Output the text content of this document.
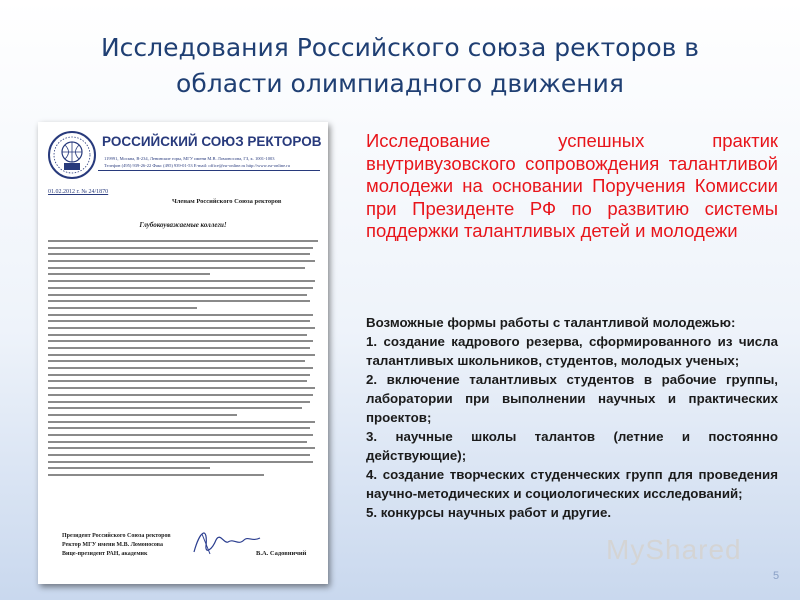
Исследования Российского союза ректоров в области олимпиадного движения
РОССИЙСКИЙ СОЮЗ РЕКТОРОВ
119991, Москва, В-234, Ленинские горы, МГУ имени М.В. Ломоносова, ГЗ, к. 1001-1003
Телефон (495) 939-26-22 Факс (495) 939-01-53 E-mail: office@rsr-online.ru http://www.rsr-online.ru
01.02.2012 г. № 24/1870
Членам Российского Союза ректоров
Глубокоуважаемые коллеги!
Президент Российского Союза ректоров
Ректор МГУ имени М.В. Ломоносова
Вице-президент РАН, академик	В.А. Садовничий
Исследование успешных практик внутривузовского сопровождения талантливой молодежи на основании Поручения Комиссии при Президенте РФ по развитию системы поддержки талантливых детей и молодежи

Возможные формы работы с талантливой молодежью:

1. создание кадрового резерва, сформированного из числа талантливых школьников, студентов, молодых ученых;

2. включение талантливых студентов в рабочие группы, лаборатории при выполнении научных и практических проектов;

3. научные школы талантов (летние и постоянно действующие);

4. создание творческих студенческих групп для проведения научно-методических и социологических исследований;

5. конкурсы научных работ и другие.

MyShared
5
